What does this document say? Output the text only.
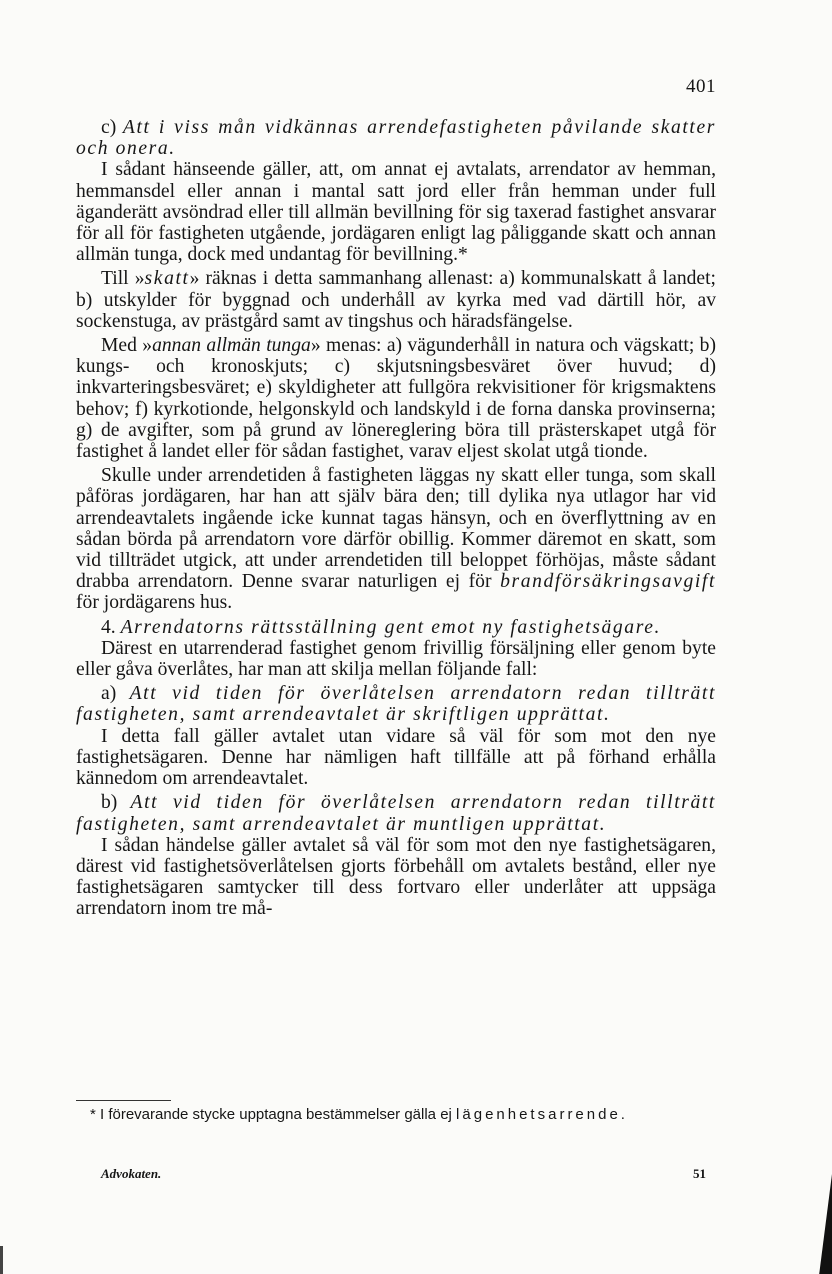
401

c) Att i viss mån vidkännas arrendefastigheten påvilande skatter och onera.

I sådant hänseende gäller, att, om annat ej avtalats, arrendator av hemman, hemmansdel eller annan i mantal satt jord eller från hemman under full äganderätt avsöndrad eller till allmän bevillning för sig taxerad fastighet ansvarar för all för fastigheten utgående, jordägaren enligt lag påliggande skatt och annan allmän tunga, dock med undantag för bevillning.*

Till »skatt» räknas i detta sammanhang allenast: a) kommunalskatt å landet; b) utskylder för byggnad och underhåll av kyrka med vad därtill hör, av sockenstuga, av prästgård samt av tingshus och häradsfängelse.

Med »annan allmän tunga» menas: a) vägunderhåll in natura och vägskatt; b) kungs- och kronoskjuts; c) skjutsningsbesväret över huvud; d) inkvarteringsbesväret; e) skyldigheter att fullgöra rekvisitioner för krigsmaktens behov; f) kyrkotionde, helgonskyld och landskyld i de forna danska provinserna; g) de avgifter, som på grund av lönereglering böra till prästerskapet utgå för fastighet å landet eller för sådan fastighet, varav eljest skolat utgå tionde.

Skulle under arrendetiden å fastigheten läggas ny skatt eller tunga, som skall påföras jordägaren, har han att själv bära den; till dylika nya utlagor har vid arrendeavtalets ingående icke kunnat tagas hänsyn, och en överflyttning av en sådan börda på arrendatorn vore därför obillig. Kommer däremot en skatt, som vid tillträdet utgick, att under arrendetiden till beloppet förhöjas, måste sådant drabba arrendatorn. Denne svarar naturligen ej för brandförsäkringsavgift för jordägarens hus.

4. Arrendatorns rättsställning gent emot ny fastighetsägare.

Därest en utarrenderad fastighet genom frivillig försäljning eller genom byte eller gåva överlåtes, har man att skilja mellan följande fall:

a) Att vid tiden för överlåtelsen arrendatorn redan tillträtt fastigheten, samt arrendeavtalet är skriftligen upprättat.

I detta fall gäller avtalet utan vidare så väl för som mot den nye fastighetsägaren. Denne har nämligen haft tillfälle att på förhand erhålla kännedom om arrendeavtalet.

b) Att vid tiden för överlåtelsen arrendatorn redan tillträtt fastigheten, samt arrendeavtalet är muntligen upprättat.

I sådan händelse gäller avtalet så väl för som mot den nye fastighetsägaren, därest vid fastighetsöverlåtelsen gjorts förbehåll om avtalets bestånd, eller nye fastighetsägaren samtycker till dess fortvaro eller underlåter att uppsäga arrendatorn inom tre må-

* I förevarande stycke upptagna bestämmelser gälla ej lägenhetsarrende.
Advokaten.	51
